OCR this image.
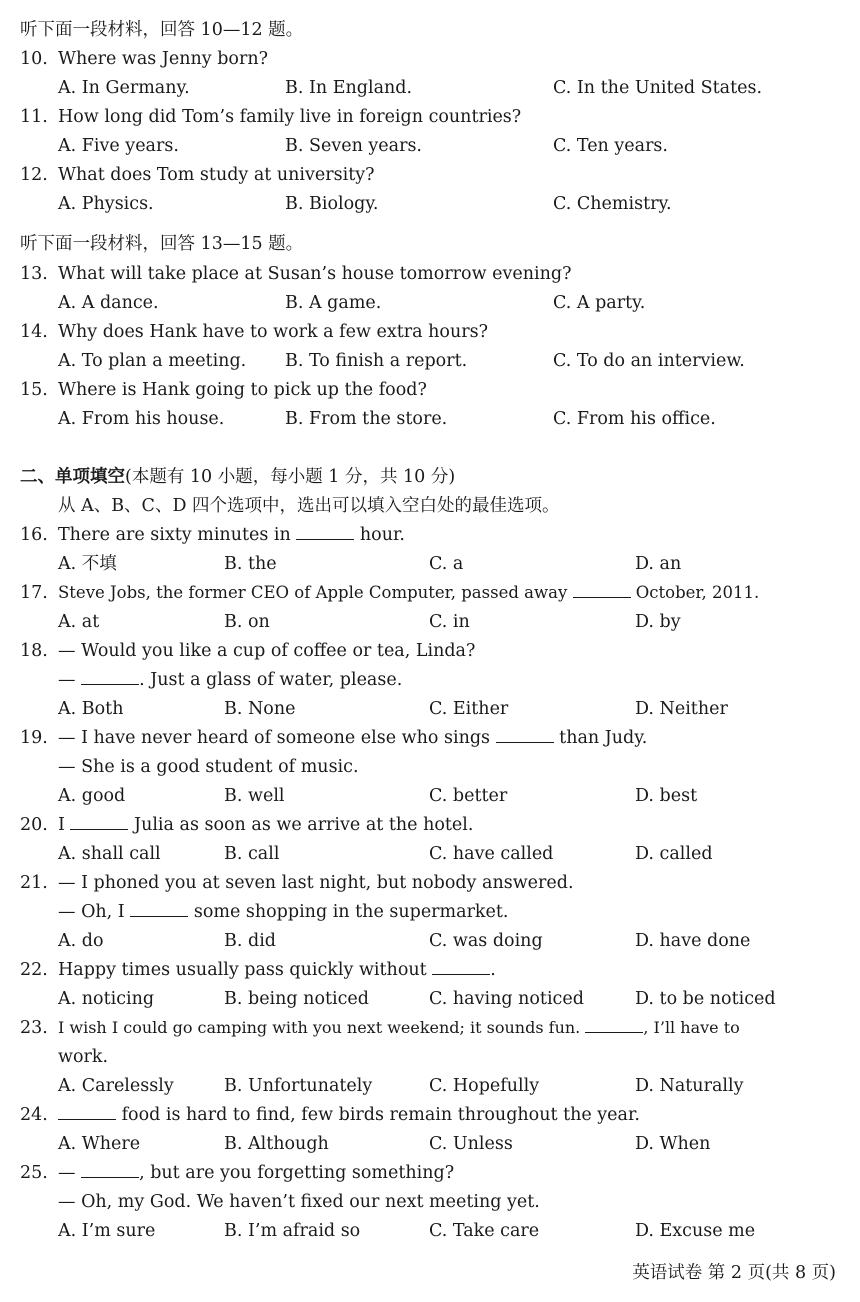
听下面一段材料，回答 10—12 题。
10. Where was Jenny born?
A. In Germany.	B. In England.	C. In the United States.
11. How long did Tom’s family live in foreign countries?
A. Five years.	B. Seven years.	C. Ten years.
12. What does Tom study at university?
A. Physics.	B. Biology.	C. Chemistry.
听下面一段材料，回答 13—15 题。
13. What will take place at Susan’s house tomorrow evening?
A. A dance.	B. A game.	C. A party.
14. Why does Hank have to work a few extra hours?
A. To plan a meeting. B. To finish a report.	C. To do an interview.
15. Where is Hank going to pick up the food?
A. From his house.	B. From the store.	C. From his office.
二、单项填空(本题有 10 小题，每小题 1 分，共 10 分)
从 A、B、C、D 四个选项中，选出可以填入空白处的最佳选项。
16. There are sixty minutes in	hour.
A. 不填	B. the	C. a	D. an
17. Steve Jobs, the former CEO of Apple Computer, passed away	October, 2011.
A. at	B. on	C. in	D. by
18. — Would you like a cup of coffee or tea, Linda?
—	. Just a glass of water, please.
A. Both	B. None	C. Either	D. Neither
19. — I have never heard of someone else who sings	than Judy.
— She is a good student of music.
A. good	B. well	C. better	D. best
20. I	Julia as soon as we arrive at the hotel.
A. shall call	B. call	C. have called	D. called
21. — I phoned you at seven last night, but nobody answered.
— Oh, I	some shopping in the supermarket.
A. do	B. did	C. was doing	D. have done
22. Happy times usually pass quickly without	.
A. noticing	B. being noticed	C. having noticed	D. to be noticed
23. I wish I could go camping with you next weekend; it sounds fun.	, I’ll have to
work.
A. Carelessly	B. Unfortunately	C. Hopefully	D. Naturally
24.	food is hard to find, few birds remain throughout the year.
A. Where	B. Although	C. Unless	D. When
25. —	, but are you forgetting something?
— Oh, my God. We haven’t fixed our next meeting yet.
A. I’m sure	B. I’m afraid so	C. Take care	D. Excuse me
英语试卷 第 2 页(共 8 页)
